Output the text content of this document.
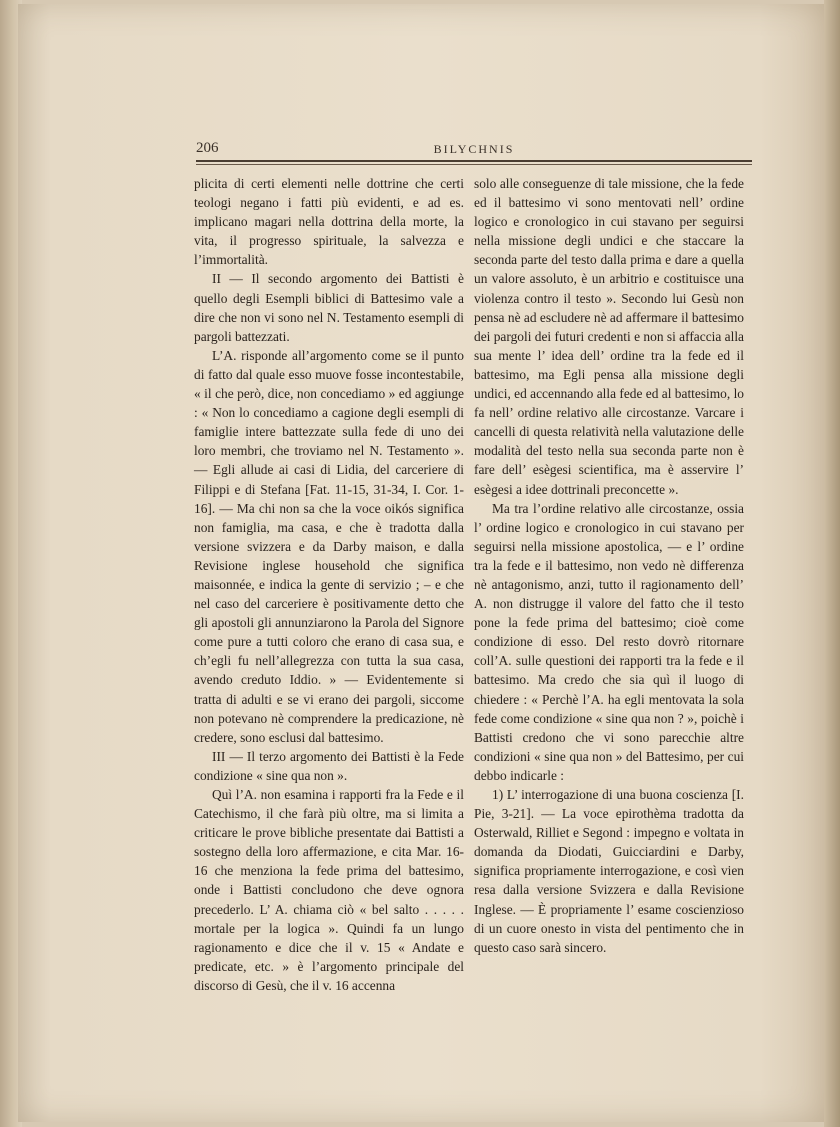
206	BILYCHNIS

plicita di certi elementi nelle dottrine che certi teologi negano i fatti più evidenti, e ad es. implicano magari nella dottrina della morte, la vita, il progresso spirituale, la salvezza e l’immortalità.

II — Il secondo argomento dei Battisti è quello degli Esempli biblici di Battesimo vale a dire che non vi sono nel N. Testamento esempli di pargoli battezzati.

L’A. risponde all’argomento come se il punto di fatto dal quale esso muove fosse incontestabile, « il che però, dice, non concediamo » ed aggiunge : « Non lo concediamo a cagione degli esempli di famiglie intere battezzate sulla fede di uno dei loro membri, che troviamo nel N. Testamento ». — Egli allude ai casi di Lidia, del carceriere di Filippi e di Stefana [Fat. 11-15, 31-34, I. Cor. 1-16]. — Ma chi non sa che la voce oikós significa non famiglia, ma casa, e che è tradotta dalla versione svizzera e da Darby maison, e dalla Revisione inglese household che significa maisonnée, e indica la gente di servizio ; – e che nel caso del carceriere è positivamente detto che gli apostoli gli annunziarono la Parola del Signore come pure a tutti coloro che erano di casa sua, e ch’egli fu nell’allegrezza con tutta la sua casa, avendo creduto Iddio. » — Evidentemente si tratta di adulti e se vi erano dei pargoli, siccome non potevano nè comprendere la predicazione, nè credere, sono esclusi dal battesimo.

III — Il terzo argomento dei Battisti è la Fede condizione « sine qua non ».

Quì l’A. non esamina i rapporti fra la Fede e il Catechismo, il che farà più oltre, ma si limita a criticare le prove bibliche presentate dai Battisti a sostegno della loro affermazione, e cita Mar. 16-16 che menziona la fede prima del battesimo, onde i Battisti concludono che deve ognora precederlo. L’ A. chiama ciò « bel salto . . . . . mortale per la logica ». Quindi fa un lungo ragionamento e dice che il v. 15 « Andate e predicate, etc. » è l’argomento principale del discorso di Gesù, che il v. 16 accenna

solo alle conseguenze di tale missione, che la fede ed il battesimo vi sono mentovati nell’ ordine logico e cronologico in cui stavano per seguirsi nella missione degli undici e che staccare la seconda parte del testo dalla prima e dare a quella un valore assoluto, è un arbitrio e costituisce una violenza contro il testo ». Secondo lui Gesù non pensa nè ad escludere nè ad affermare il battesimo dei pargoli dei futuri credenti e non si affaccia alla sua mente l’ idea dell’ ordine tra la fede ed il battesimo, ma Egli pensa alla missione degli undici, ed accennando alla fede ed al battesimo, lo fa nell’ ordine relativo alle circostanze. Varcare i cancelli di questa relatività nella valutazione delle modalità del testo nella sua seconda parte non è fare dell’ esègesi scientifica, ma è asservire l’ esègesi a idee dottrinali preconcette ».

Ma tra l’ordine relativo alle circostanze, ossia l’ ordine logico e cronologico in cui stavano per seguirsi nella missione apostolica, — e l’ ordine tra la fede e il battesimo, non vedo nè differenza nè antagonismo, anzi, tutto il ragionamento dell’ A. non distrugge il valore del fatto che il testo pone la fede prima del battesimo; cioè come condizione di esso. Del resto dovrò ritornare coll’A. sulle questioni dei rapporti tra la fede e il battesimo. Ma credo che sia quì il luogo di chiedere : « Perchè l’A. ha egli mentovata la sola fede come condizione « sine qua non ? », poichè i Battisti credono che vi sono parecchie altre condizioni « sine qua non » del Battesimo, per cui debbo indicarle :

1) L’ interrogazione di una buona coscienza [I. Pie, 3-21]. — La voce epirothèma tradotta da Osterwald, Rilliet e Segond : impegno e voltata in domanda da Diodati, Guicciardini e Darby, significa propriamente interrogazione, e così vien resa dalla versione Svizzera e dalla Revisione Inglese. — È propriamente l’ esame coscienzioso di un cuore onesto in vista del pentimento che in questo caso sarà sincero.
